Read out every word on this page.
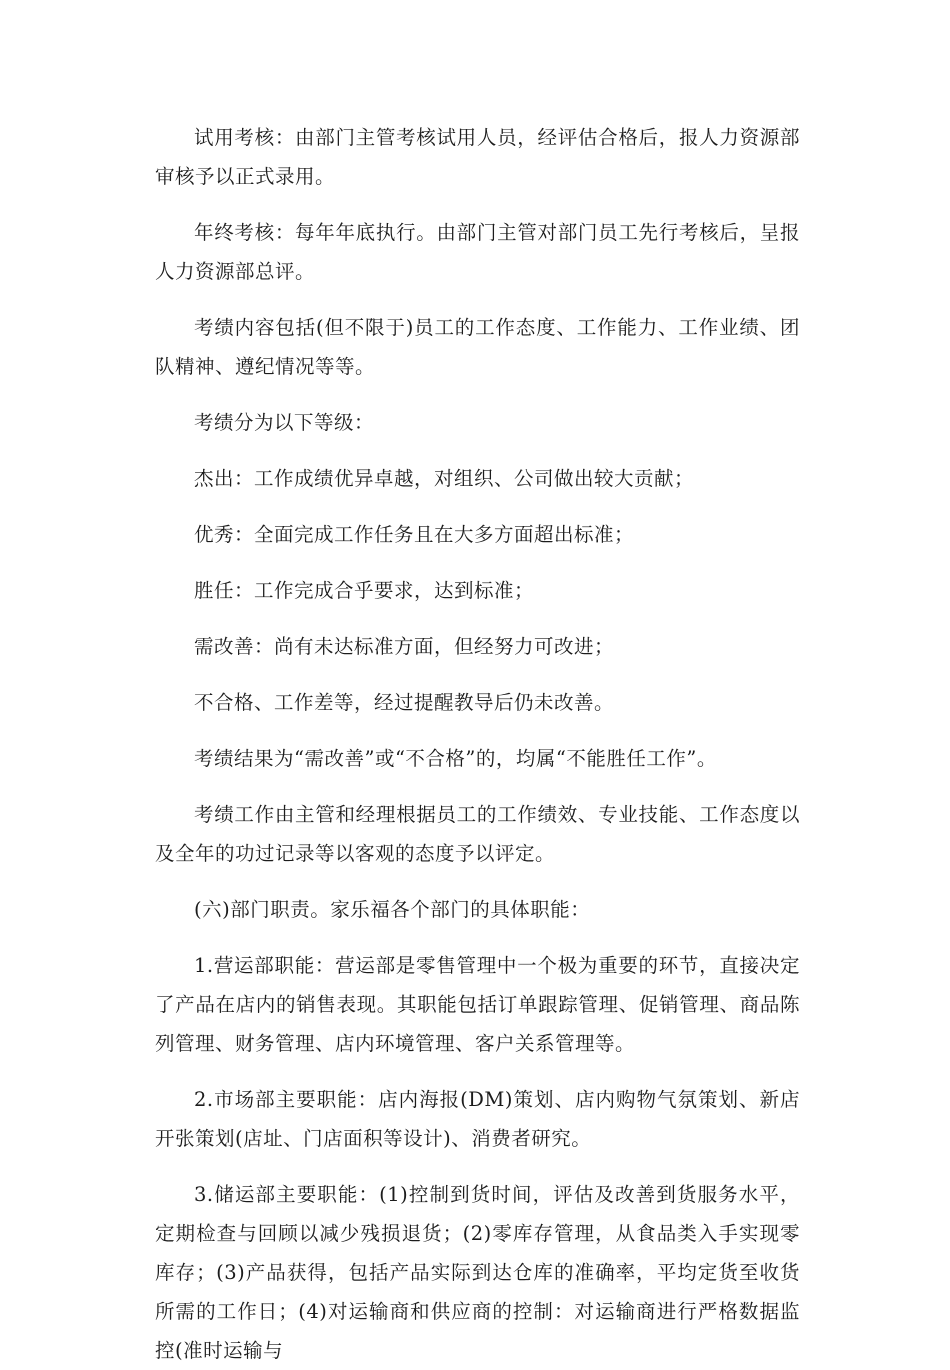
试用考核：由部门主管考核试用人员，经评估合格后，报人力资源部审核予以正式录用。

年终考核：每年年底执行。由部门主管对部门员工先行考核后，呈报人力资源部总评。

考绩内容包括(但不限于)员工的工作态度、工作能力、工作业绩、团队精神、遵纪情况等等。

考绩分为以下等级：

杰出：工作成绩优异卓越，对组织、公司做出较大贡献；

优秀：全面完成工作任务且在大多方面超出标准；

胜任：工作完成合乎要求，达到标准；

需改善：尚有未达标准方面，但经努力可改进；

不合格、工作差等，经过提醒教导后仍未改善。

考绩结果为“需改善”或“不合格”的，均属“不能胜任工作”。

考绩工作由主管和经理根据员工的工作绩效、专业技能、工作态度以及全年的功过记录等以客观的态度予以评定。

(六)部门职责。家乐福各个部门的具体职能：

1.营运部职能：营运部是零售管理中一个极为重要的环节，直接决定了产品在店内的销售表现。其职能包括订单跟踪管理、促销管理、商品陈列管理、财务管理、店内环境管理、客户关系管理等。

2.市场部主要职能：店内海报(DM)策划、店内购物气氛策划、新店开张策划(店址、门店面积等设计)、消费者研究。

3.储运部主要职能：(1)控制到货时间，评估及改善到货服务水平，定期检查与回顾以减少残损退货；(2)零库存管理，从食品类入手实现零库存；(3)产品获得，包括产品实际到达仓库的准确率，平均定货至收货所需的工作日；(4)对运输商和供应商的控制：对运输商进行严格数据监控(准时运输与
